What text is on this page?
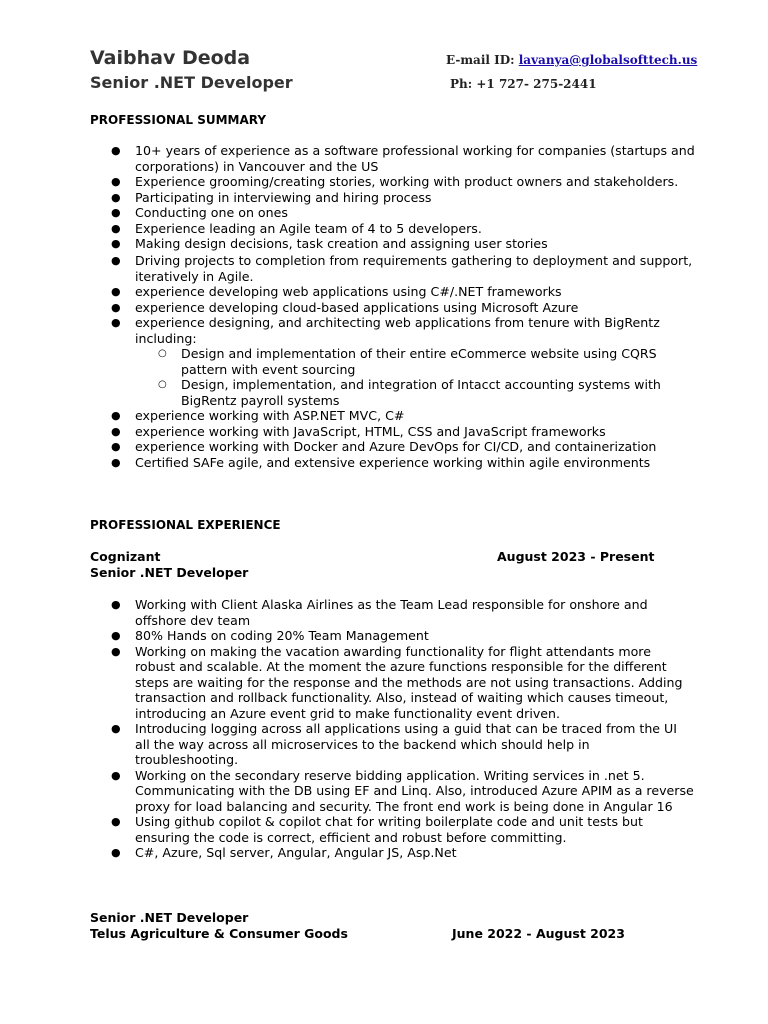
Vaibhav Deoda
Senior .NET Developer
E-mail ID: lavanya@globalsofttech.us
Ph: +1 727- 275-2441
PROFESSIONAL SUMMARY
● 10+ years of experience as a software professional working for companies (startups and corporations) in Vancouver and the US
● Experience grooming/creating stories, working with product owners and stakeholders.
● Participating in interviewing and hiring process
● Conducting one on ones
● Experience leading an Agile team of 4 to 5 developers.
● Making design decisions, task creation and assigning user stories
● Driving projects to completion from requirements gathering to deployment and support, iteratively in Agile.
● experience developing web applications using C#/.NET frameworks
● experience developing cloud-based applications using Microsoft Azure
● experience designing, and architecting web applications from tenure with BigRentz including:
○ Design and implementation of their entire eCommerce website using CQRS pattern with event sourcing
○ Design, implementation, and integration of Intacct accounting systems with BigRentz payroll systems
● experience working with ASP.NET MVC, C#
● experience working with JavaScript, HTML, CSS and JavaScript frameworks
● experience working with Docker and Azure DevOps for CI/CD, and containerization
● Certified SAFe agile, and extensive experience working within agile environments
PROFESSIONAL EXPERIENCE
Cognizant	August 2023 - Present
Senior .NET Developer
● Working with Client Alaska Airlines as the Team Lead responsible for onshore and offshore dev team
● 80% Hands on coding 20% Team Management
● Working on making the vacation awarding functionality for flight attendants more robust and scalable. At the moment the azure functions responsible for the different steps are waiting for the response and the methods are not using transactions. Adding transaction and rollback functionality. Also, instead of waiting which causes timeout, introducing an Azure event grid to make functionality event driven.
● Introducing logging across all applications using a guid that can be traced from the UI all the way across all microservices to the backend which should help in troubleshooting.
● Working on the secondary reserve bidding application. Writing services in .net 5. Communicating with the DB using EF and Linq. Also, introduced Azure APIM as a reverse proxy for load balancing and security. The front end work is being done in Angular 16
● Using github copilot & copilot chat for writing boilerplate code and unit tests but ensuring the code is correct, efficient and robust before committing.
● C#, Azure, Sql server, Angular, Angular JS, Asp.Net
Senior .NET Developer
Telus Agriculture & Consumer Goods	June 2022 - August 2023
